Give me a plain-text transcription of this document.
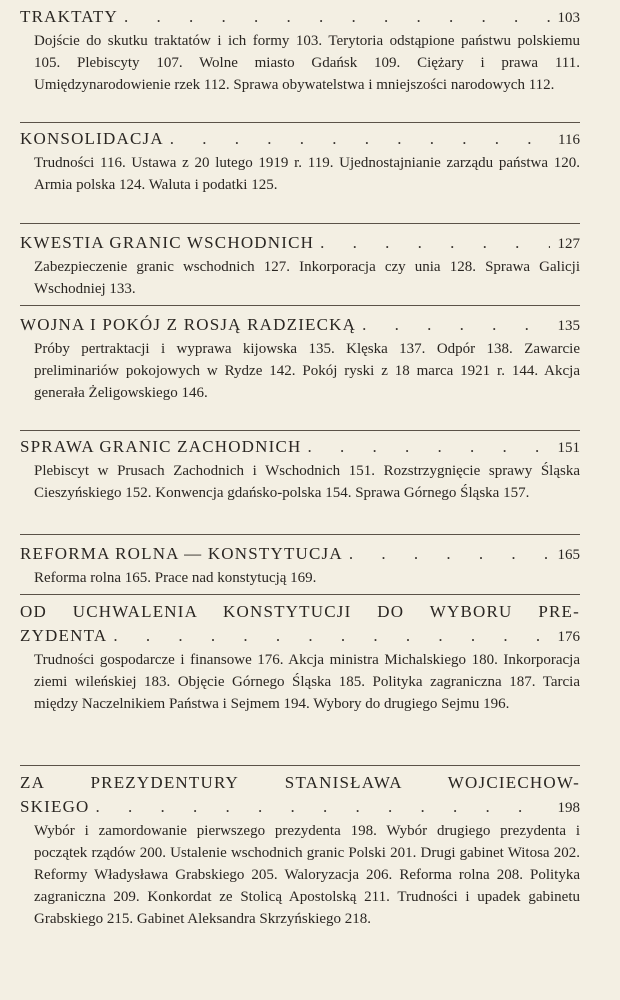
TRAKTATY . . .	103
Dojście do skutku traktatów i ich formy 103. Terytoria odstąpione państwu polskiemu 105. Plebiscyty 107. Wolne miasto Gdańsk 109. Ciężary i prawa 111. Umiędzynarodowienie rzek 112. Sprawa obywatelstwa i mniejszości narodowych 112.
KONSOLIDACJA . . .	116
Trudności 116. Ustawa z 20 lutego 1919 r. 119. Ujednostajnianie zarządu państwa 120. Armia polska 124. Waluta i podatki 125.
KWESTIA GRANIC WSCHODNICH . . .	127
Zabezpieczenie granic wschodnich 127. Inkorporacja czy unia 128. Sprawa Galicji Wschodniej 133.
WOJNA I POKÓJ Z ROSJĄ RADZIECKĄ . . .	135
Próby pertraktacji i wyprawa kijowska 135. Klęska 137. Odpór 138. Zawarcie preliminariów pokojowych w Rydze 142. Pokój ryski z 18 marca 1921 r. 144. Akcja generała Żeligowskiego 146.
SPRAWA GRANIC ZACHODNICH . . .	151
Plebiscyt w Prusach Zachodnich i Wschodnich 151. Rozstrzygnięcie sprawy Śląska Cieszyńskiego 152. Konwencja gdańsko-polska 154. Sprawa Górnego Śląska 157.
REFORMA ROLNA — KONSTYTUCJA . . .	165
Reforma rolna 165. Prace nad konstytucją 169.
OD UCHWALENIA KONSTYTUCJI DO WYBORU PRE-
ZYDENTA . . .	176
Trudności gospodarcze i finansowe 176. Akcja ministra Michalskiego 180. Inkorporacja ziemi wileńskiej 183. Objęcie Górnego Śląska 185. Polityka zagraniczna 187. Tarcia między Naczelnikiem Państwa i Sejmem 194. Wybory do drugiego Sejmu 196.
ZA PREZYDENTURY STANISŁAWA WOJCIECHOW-
SKIEGO . . .	198
Wybór i zamordowanie pierwszego prezydenta 198. Wybór drugiego prezydenta i początek rządów 200. Ustalenie wschodnich granic Polski 201. Drugi gabinet Witosa 202. Reformy Władysława Grabskiego 205. Waloryzacja 206. Reforma rolna 208. Polityka zagraniczna 209. Konkordat ze Stolicą Apostolską 211. Trudności i upadek gabinetu Grabskiego 215. Gabinet Aleksandra Skrzyńskiego 218.
